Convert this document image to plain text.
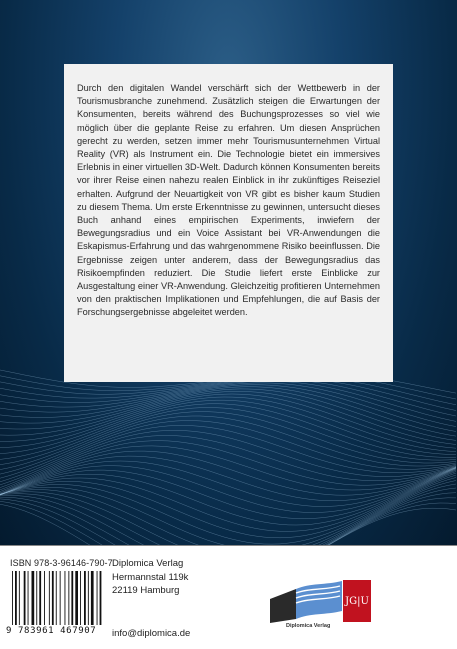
Durch den digitalen Wandel verschärft sich der Wettbewerb in der Tourismusbranche zunehmend. Zusätzlich steigen die Erwartungen der Konsumenten, bereits während des Buchungsprozesses so viel wie möglich über die geplante Reise zu erfahren. Um diesen Ansprüchen gerecht zu werden, setzen immer mehr Tourismusunternehmen Virtual Reality (VR) als Instrument ein. Die Technologie bietet ein immersives Erlebnis in einer virtuellen 3D-Welt. Dadurch können Konsumenten bereits vor ihrer Reise einen nahezu realen Einblick in ihr zukünftiges Reiseziel erhalten. Aufgrund der Neuartigkeit von VR gibt es bisher kaum Studien zu diesem Thema. Um erste Erkenntnisse zu gewinnen, untersucht dieses Buch anhand eines empirischen Experiments, inwiefern der Bewegungsradius und ein Voice Assistant bei VR-Anwendungen die Eskapismus-Erfahrung und das wahrgenommene Risiko beeinflussen. Die Ergebnisse zeigen unter anderem, dass der Bewegungsradius das Risikoempfinden reduziert. Die Studie liefert erste Einblicke zur Ausgestaltung einer VR-Anwendung. Gleichzeitig profitieren Unternehmen von den praktischen Implikationen und Empfehlungen, die auf Basis der Forschungsergebnisse abgeleitet werden.

ISBN 978-3-96146-790-7
9 783961 467907
Diplomica Verlag
Hermannstal 119k
22119 Hamburg
info@diplomica.de
Diplomica Verlag
JG|U
